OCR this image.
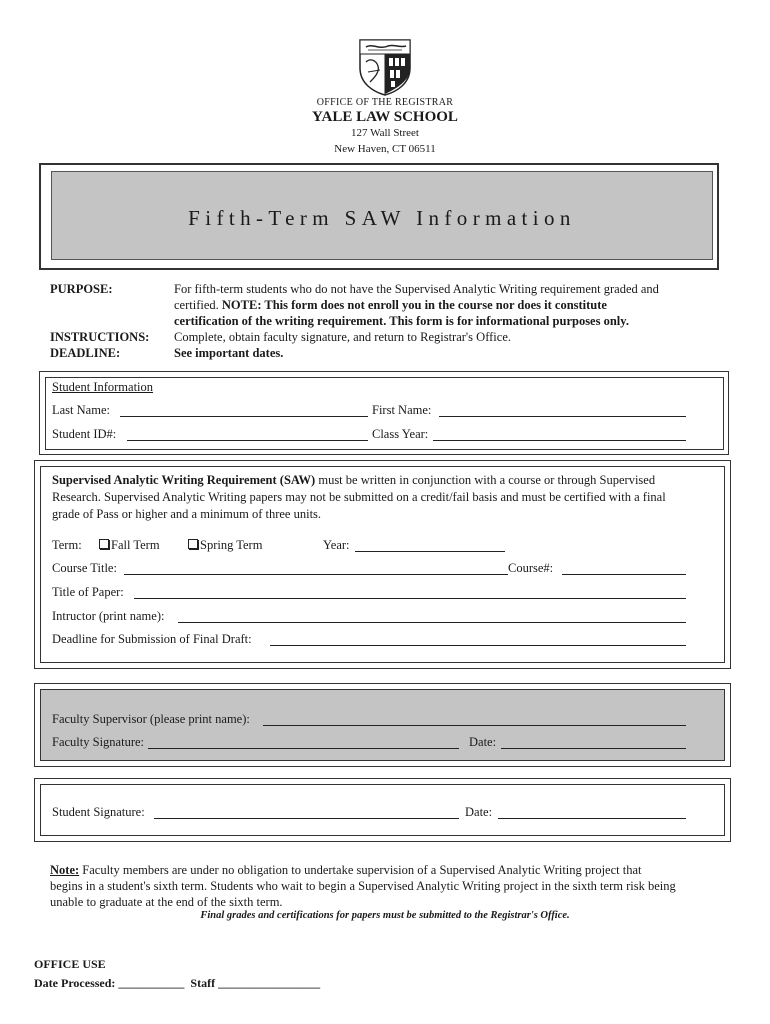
OFFICE OF THE REGISTRAR
YALE LAW SCHOOL
127 Wall Street
New Haven, CT 06511
Fifth-Term SAW Information
PURPOSE:	For fifth-term students who do not have the Supervised Analytic Writing requirement graded and
certified. NOTE: This form does not enroll you in the course nor does it constitute
certification of the writing requirement. This form is for informational purposes only.
INSTRUCTIONS: Complete, obtain faculty signature, and return to Registrar's Office.
DEADLINE:	See important dates.
Student Information
Last Name:	First Name:
Student ID#:	Class Year:
Supervised Analytic Writing Requirement (SAW) must be written in conjunction with a course or through Supervised
Research. Supervised Analytic Writing papers may not be submitted on a credit/fail basis and must be certified with a final
grade of Pass or higher and a minimum of three units.
Term:	Fall Term	Spring Term	Year:
Course Title:	Course#:
Title of Paper:
Intructor (print name):
Deadline for Submission of Final Draft:
Faculty Supervisor (please print name):
Faculty Signature:	Date:
Student Signature:	Date:
Note: Faculty members are under no obligation to undertake supervision of a Supervised Analytic Writing project that
begins in a student's sixth term. Students who wait to begin a Supervised Analytic Writing project in the sixth term risk being
unable to graduate at the end of the sixth term.
Final grades and certifications for papers must be submitted to the Registrar's Office.
OFFICE USE
Date Processed: ___________ Staff _________________
